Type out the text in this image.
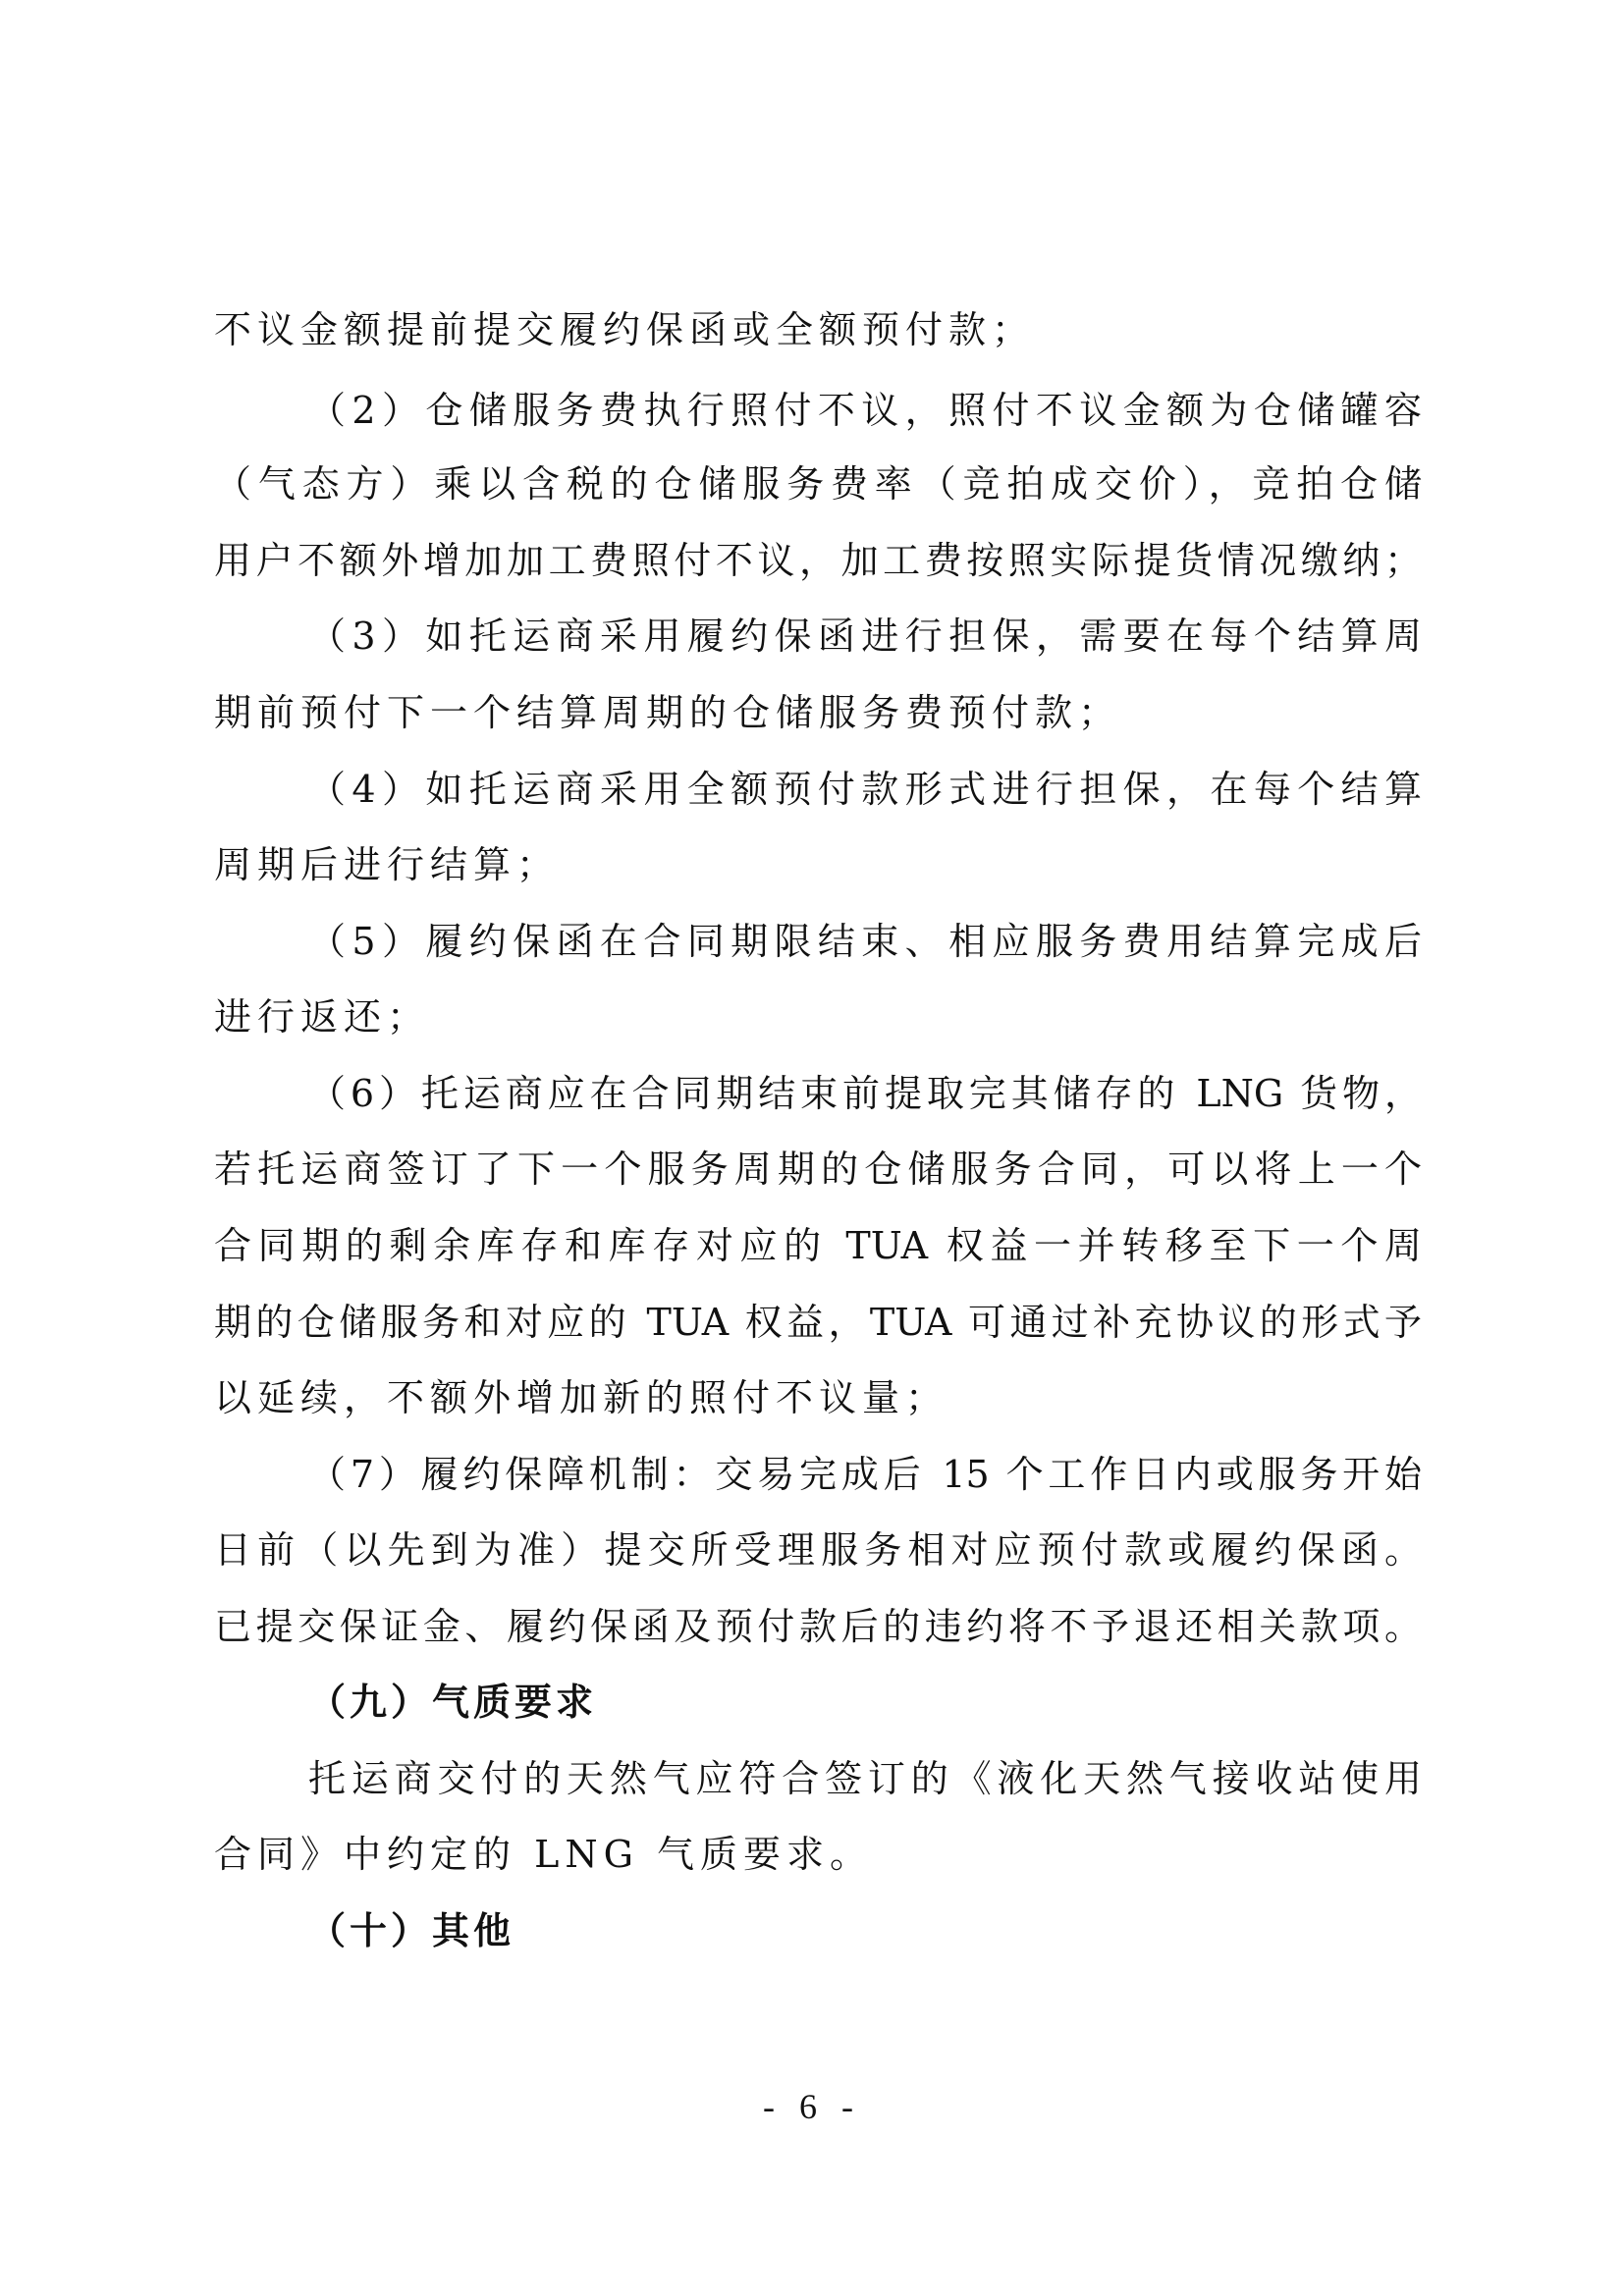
不议金额提前提交履约保函或全额预付款；
（2）仓储服务费执行照付不议，照付不议金额为仓储罐容
（气态方）乘以含税的仓储服务费率（竞拍成交价），竞拍仓储
用户不额外增加加工费照付不议，加工费按照实际提货情况缴纳；
（3）如托运商采用履约保函进行担保，需要在每个结算周
期前预付下一个结算周期的仓储服务费预付款；
（4）如托运商采用全额预付款形式进行担保，在每个结算
周期后进行结算；
（5）履约保函在合同期限结束、相应服务费用结算完成后
进行返还；
（6）托运商应在合同期结束前提取完其储存的 LNG 货物，
若托运商签订了下一个服务周期的仓储服务合同，可以将上一个
合同期的剩余库存和库存对应的 TUA 权益一并转移至下一个周
期的仓储服务和对应的 TUA 权益，TUA 可通过补充协议的形式予
以延续，不额外增加新的照付不议量；
（7）履约保障机制：交易完成后 15 个工作日内或服务开始
日前（以先到为准）提交所受理服务相对应预付款或履约保函。
已提交保证金、履约保函及预付款后的违约将不予退还相关款项。
（九）气质要求
托运商交付的天然气应符合签订的《液化天然气接收站使用
合同》中约定的 LNG 气质要求。
（十）其他
- 6 -
